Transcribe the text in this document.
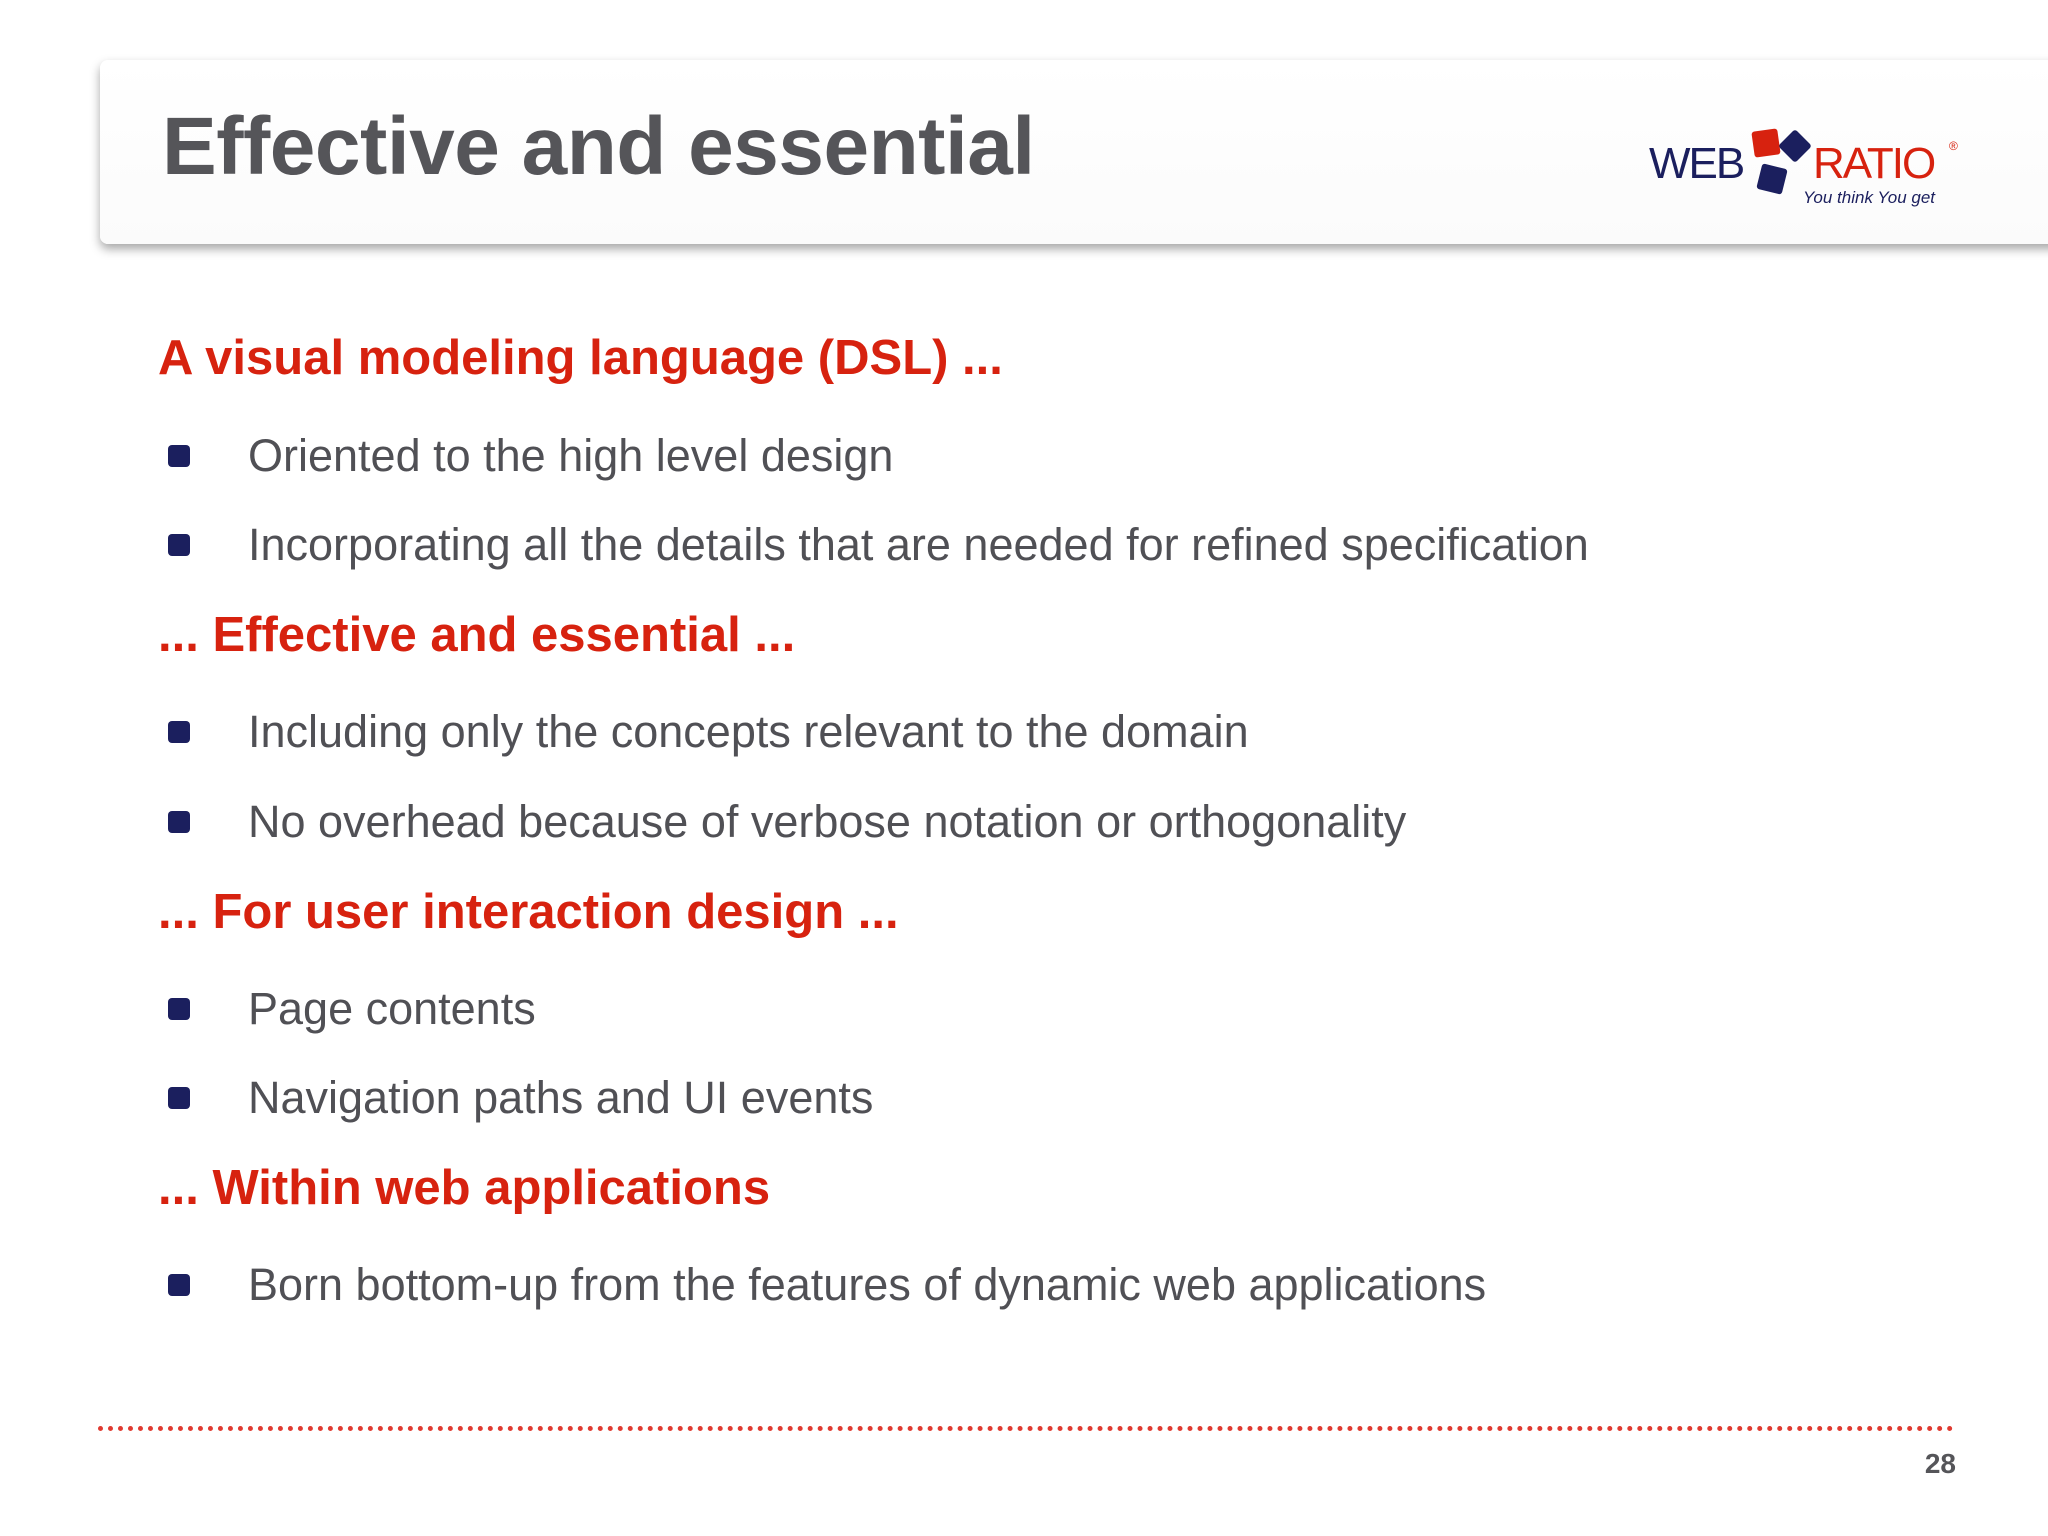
Effective and essential	WEB RATIO ®
You think You get
A visual modeling language (DSL) ...
Oriented to the high level design
Incorporating all the details that are needed for refined specification
... Effective and essential ...
Including only the concepts relevant to the domain
No overhead because of verbose notation or orthogonality
... For user interaction design ...
Page contents
Navigation paths and UI events
... Within web applications
Born bottom-up from the features of dynamic web applications
28
